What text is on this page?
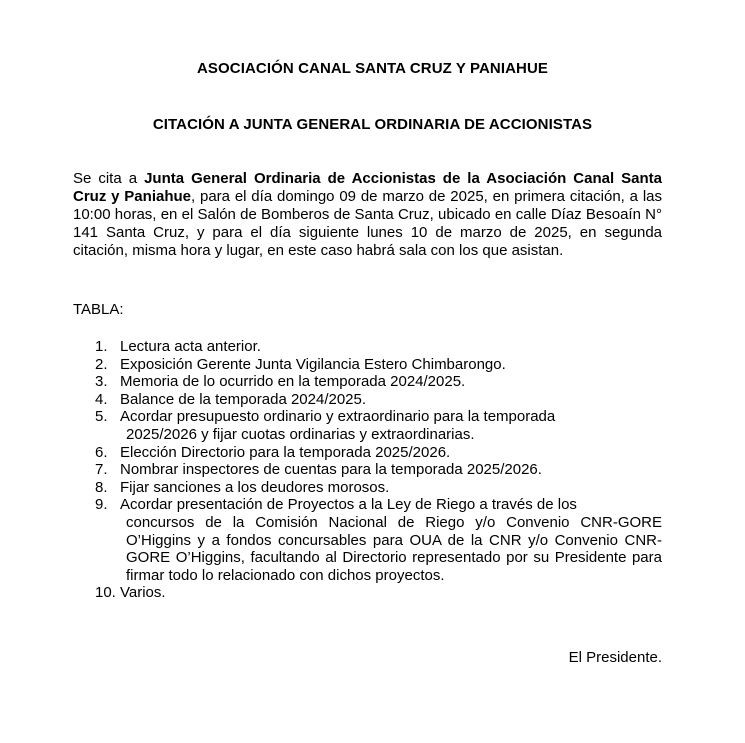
ASOCIACIÓN CANAL SANTA CRUZ Y PANIAHUE
CITACIÓN A JUNTA GENERAL ORDINARIA DE ACCIONISTAS
Se cita a Junta General Ordinaria de Accionistas de la Asociación Canal Santa Cruz y Paniahue, para el día domingo 09 de marzo de 2025, en primera citación, a las 10:00 horas, en el Salón de Bomberos de Santa Cruz, ubicado en calle Díaz Besoaín N° 141 Santa Cruz, y para el día siguiente lunes 10 de marzo de 2025, en segunda citación, misma hora y lugar, en este caso habrá sala con los que asistan.
TABLA:
1. Lectura acta anterior.
2. Exposición Gerente Junta Vigilancia Estero Chimbarongo.
3. Memoria de lo ocurrido en la temporada 2024/2025.
4. Balance de la temporada 2024/2025.
5. Acordar presupuesto ordinario y extraordinario para la temporada
2025/2026 y fijar cuotas ordinarias y extraordinarias.
6. Elección Directorio para la temporada 2025/2026.
7. Nombrar inspectores de cuentas para la temporada 2025/2026.
8. Fijar sanciones a los deudores morosos.
9. Acordar presentación de Proyectos a la Ley de Riego a través de los
concursos de la Comisión Nacional de Riego y/o Convenio CNR-GORE O’Higgins y a fondos concursables para OUA de la CNR y/o Convenio CNR-GORE O’Higgins, facultando al Directorio representado por su Presidente para firmar todo lo relacionado con dichos proyectos.
10. Varios.
El Presidente.
